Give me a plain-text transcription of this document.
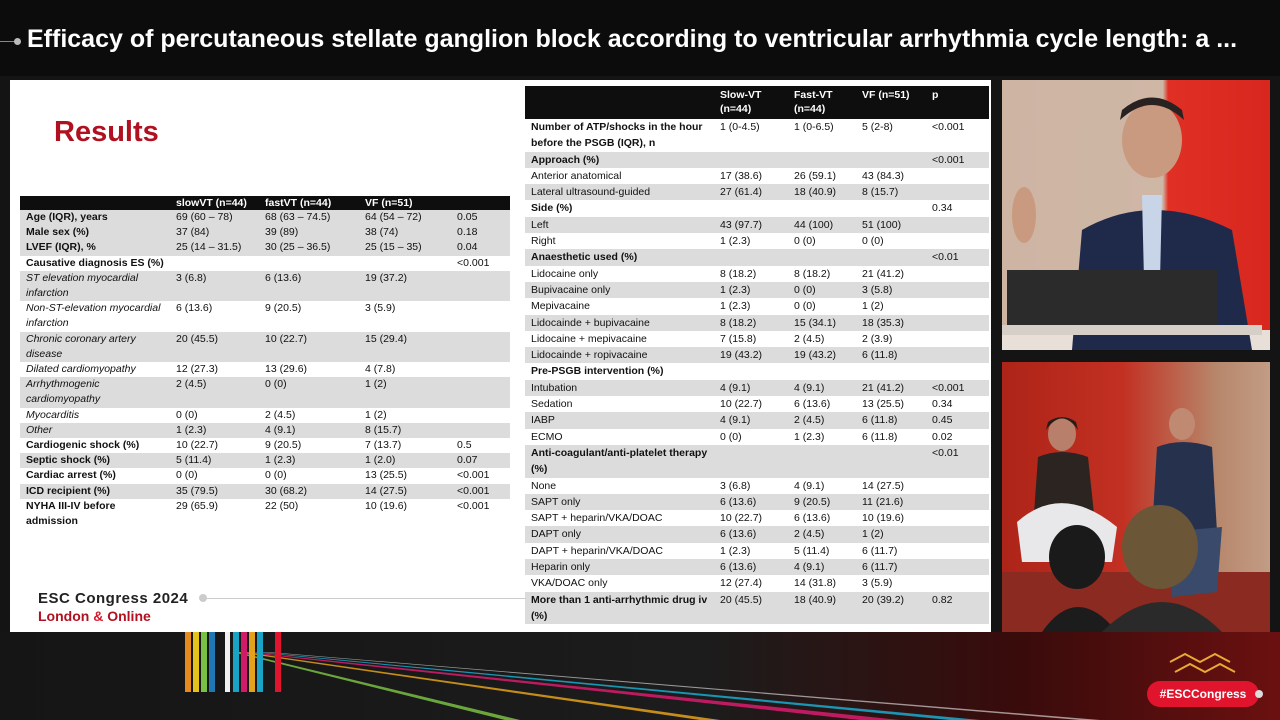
Efficacy of percutaneous stellate ganglion block according to ventricular arrhythmia cycle length: a ...
Results
	slowVT (n=44)	fastVT (n=44)	VF (n=51)	
Age (IQR), years	69 (60 – 78)	68 (63 – 74.5)	64 (54 – 72)	0.05
Male sex (%)	37 (84)	39 (89)	38 (74)	0.18
LVEF (IQR), %	25 (14 – 31.5)	30 (25 – 36.5)	25 (15 – 35)	0.04
Causative diagnosis ES (%)				<0.001
ST elevation myocardial infarction	3 (6.8)	6 (13.6)	19 (37.2)	
Non-ST-elevation myocardial infarction	6 (13.6)	9 (20.5)	3 (5.9)	
Chronic coronary artery disease	20 (45.5)	10 (22.7)	15 (29.4)	
Dilated cardiomyopathy	12 (27.3)	13 (29.6)	4 (7.8)	
Arrhythmogenic cardiomyopathy	2 (4.5)	0 (0)	1 (2)	
Myocarditis	0 (0)	2 (4.5)	1 (2)	
Other	1 (2.3)	4 (9.1)	8 (15.7)	
Cardiogenic shock (%)	10 (22.7)	9 (20.5)	7 (13.7)	0.5
Septic shock (%)	5 (11.4)	1 (2.3)	1 (2.0)	0.07
Cardiac arrest (%)	0 (0)	0 (0)	13 (25.5)	<0.001
ICD recipient (%)	35 (79.5)	30 (68.2)	14 (27.5)	<0.001
NYHA III-IV before admission	29 (65.9)	22 (50)	10 (19.6)	<0.001
	Slow-VT (n=44)	Fast-VT (n=44)	VF (n=51)	p
Number of ATP/shocks in the hour before the PSGB (IQR), n	1 (0-4.5)	1 (0-6.5)	5 (2-8)	<0.001
Approach (%)				<0.001
Anterior anatomical	17 (38.6)	26 (59.1)	43 (84.3)	
Lateral ultrasound-guided	27 (61.4)	18 (40.9)	8 (15.7)	
Side (%)				0.34
Left	43 (97.7)	44 (100)	51 (100)	
Right	1 (2.3)	0 (0)	0 (0)	
Anaesthetic used (%)				<0.01
Lidocaine only	8 (18.2)	8 (18.2)	21 (41.2)	
Bupivacaine only	1 (2.3)	0 (0)	3 (5.8)	
Mepivacaine	1 (2.3)	0 (0)	1 (2)	
Lidocainde + bupivacaine	8 (18.2)	15 (34.1)	18 (35.3)	
Lidocaine + mepivacaine	7 (15.8)	2 (4.5)	2 (3.9)	
Lidocainde + ropivacaine	19 (43.2)	19 (43.2)	6 (11.8)	
Pre-PSGB intervention (%)				
Intubation	4 (9.1)	4 (9.1)	21 (41.2)	<0.001
Sedation	10 (22.7)	6 (13.6)	13 (25.5)	0.34
IABP	4 (9.1)	2 (4.5)	6 (11.8)	0.45
ECMO	0 (0)	1 (2.3)	6 (11.8)	0.02
Anti-coagulant/anti-platelet therapy (%)				<0.01
None	3 (6.8)	4 (9.1)	14 (27.5)	
SAPT only	6 (13.6)	9 (20.5)	11 (21.6)	
SAPT + heparin/VKA/DOAC	10 (22.7)	6 (13.6)	10 (19.6)	
DAPT only	6 (13.6)	2 (4.5)	1 (2)	
DAPT + heparin/VKA/DOAC	1 (2.3)	5 (11.4)	6 (11.7)	
Heparin only	6 (13.6)	4 (9.1)	6 (11.7)	
VKA/DOAC only	12 (27.4)	14 (31.8)	3 (5.9)	
More than 1 anti-arrhythmic drug iv (%)	20 (45.5)	18 (40.9)	20 (39.2)	0.82
ESC Congress 2024
London & Online
#ESCCongress
